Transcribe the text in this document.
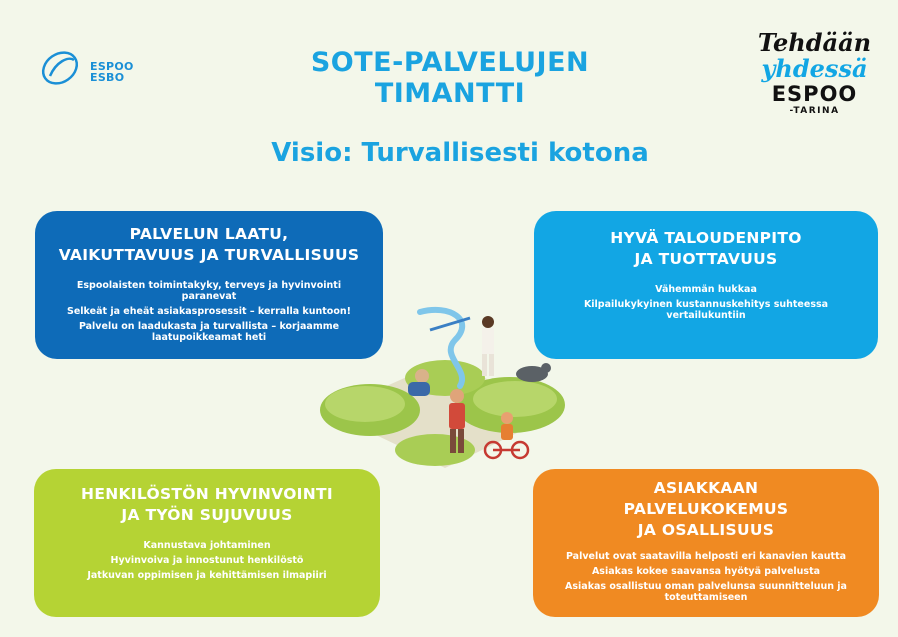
ESPOO
ESBO	SOTE-PALVELUJEN
TIMANTTI
Visio: Turvallisesti kotona
Tehdään
yhdessä
ESPOO
-TARINA
PALVELUN LAATU,
VAIKUTTAVUUS JA TURVALLISUUS
Espoolaisten toimintakyky, terveys ja hyvinvointi paranevat
Selkeät ja eheät asiakasprosessit – kerralla kuntoon!
Palvelu on laadukasta ja turvallista – korjaamme laatupoikkeamat heti
HYVÄ TALOUDENPITO
JA TUOTTAVUUS
Vähemmän hukkaa
Kilpailukykyinen kustannuskehitys suhteessa vertailukuntiin
HENKILÖSTÖN HYVINVOINTI
JA TYÖN SUJUVUUS
Kannustava johtaminen
Hyvinvoiva ja innostunut henkilöstö
Jatkuvan oppimisen ja kehittämisen ilmapiiri
ASIAKKAAN
PALVELUKOKEMUS
JA OSALLISUUS
Palvelut ovat saatavilla helposti eri kanavien kautta
Asiakas kokee saavansa hyötyä palvelusta
Asiakas osallistuu oman palvelunsa suunnitteluun ja toteuttamiseen
